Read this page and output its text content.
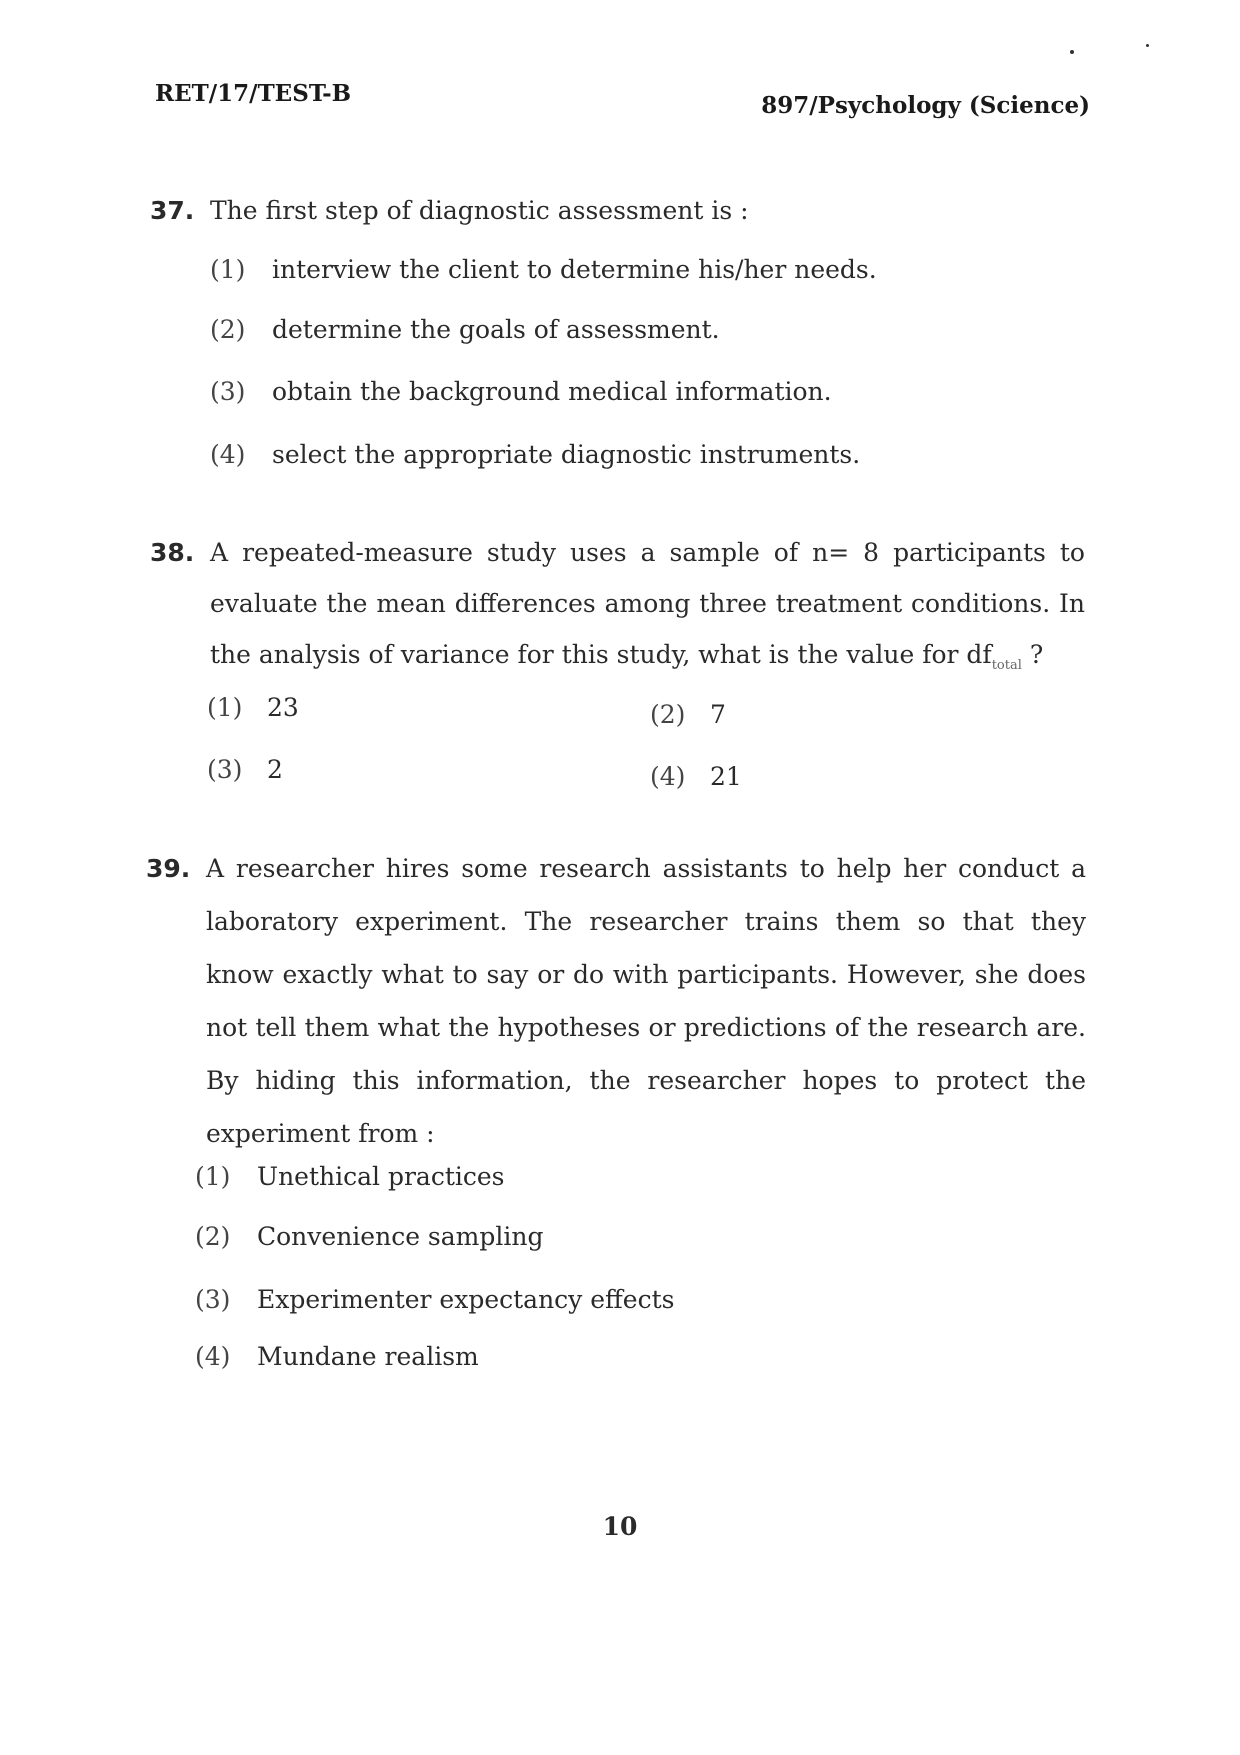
RET/17/TEST-B	897/Psychology (Science)
37. The first step of diagnostic assessment is :
(1) interview the client to determine his/her needs.
(2) determine the goals of assessment.
(3) obtain the background medical information.
(4) select the appropriate diagnostic instruments.
38. A repeated-measure study uses a sample of n= 8 participants to evaluate the mean differences among three treatment conditions. In the analysis of variance for this study, what is the value for $df_{total}$ ?
(1) 23	(2) 7
(3) 2	(4) 21
39. A researcher hires some research assistants to help her conduct a laboratory experiment. The researcher trains them so that they know exactly what to say or do with participants. However, she does not tell them what the hypotheses or predictions of the research are. By hiding this information, the researcher hopes to protect the experiment from :
(1) Unethical practices
(2) Convenience sampling
(3) Experimenter expectancy effects
(4) Mundane realism
10
